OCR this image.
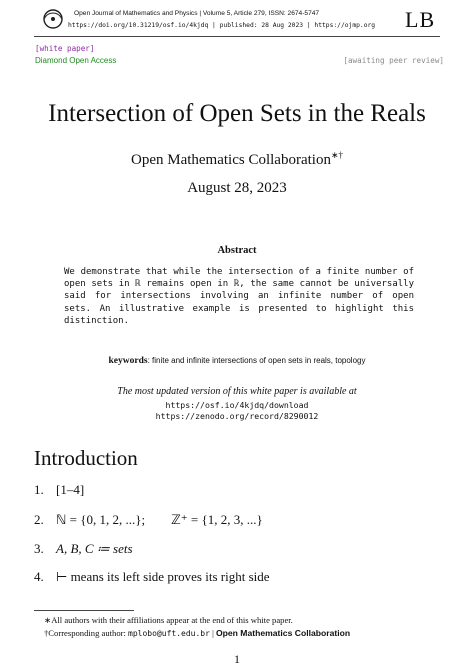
Open Journal of Mathematics and Physics | Volume 5, Article 279, ISSN: 2674-5747
https://doi.org/10.31219/osf.io/4kjdq | published: 28 Aug 2023 | https://ojmp.org LB
[white paper]
Diamond Open Access	[awaiting peer review]
Intersection of Open Sets in the Reals
Open Mathematics Collaboration∗†
August 28, 2023
Abstract
We demonstrate that while the intersection of a finite number of open sets in ℝ remains open in ℝ, the same cannot be universally said for intersections involving an infinite number of open sets. An illustrative example is presented to highlight this distinction.
keywords: finite and infinite intersections of open sets in reals, topology
The most updated version of this white paper is available at
https://osf.io/4kjdq/download
https://zenodo.org/record/8290012
Introduction
1. [1–4]
2. ℕ = {0, 1, 2, ...};        ℤ⁺ = {1, 2, 3, ...}
3. A, B, C ≔ sets
4. ⊢ means its left side proves its right side
∗All authors with their affiliations appear at the end of this white paper.
†Corresponding author: mplobo@uft.edu.br | Open Mathematics Collaboration
1
